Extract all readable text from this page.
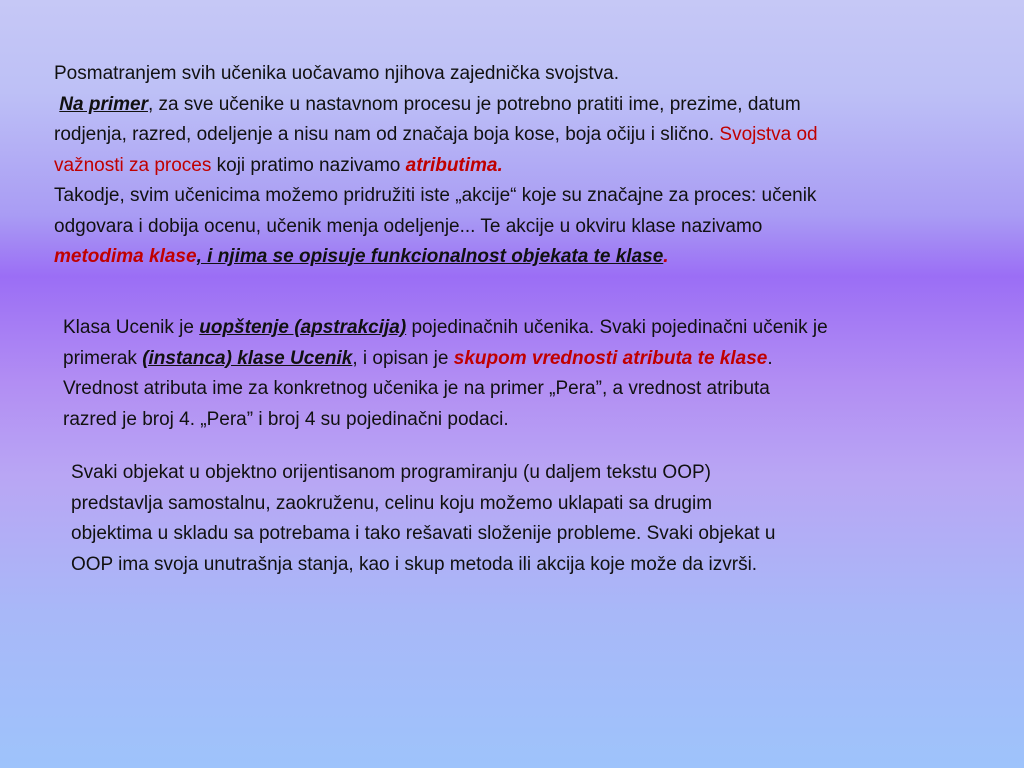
Posmatranjem svih učenika uočavamo njihova zajednička svojstva.
Na primer, za sve učenike u nastavnom procesu je potrebno pratiti ime, prezime, datum
rodjenja, razred, odeljenje a nisu nam od značaja boja kose, boja očiju i slično. Svojstva od
važnosti za proces koji pratimo nazivamo atributima.
Takodje, svim učenicima možemo pridružiti iste „akcije“ koje su značajne za proces: učenik
odgovara i dobija ocenu, učenik menja odeljenje... Te akcije u okviru klase nazivamo
metodima klase, i njima se opisuje funkcionalnost objekata te klase.
Klasa Ucenik je uopštenje (apstrakcija) pojedinačnih učenika. Svaki pojedinačni učenik je
primerak (instanca) klase Ucenik, i opisan je skupom vrednosti atributa te klase.
Vrednost atributa ime za konkretnog učenika je na primer „Pera”, a vrednost atributa
razred je broj 4. „Pera” i broj 4 su pojedinačni podaci.
Svaki objekat u objektno orijentisanom programiranju (u daljem tekstu OOP)
predstavlja samostalnu, zaokruženu, celinu koju možemo uklapati sa drugim
objektima u skladu sa potrebama i tako rešavati složenije probleme. Svaki objekat u
OOP ima svoja unutrašnja stanja, kao i skup metoda ili akcija koje može da izvrši.
